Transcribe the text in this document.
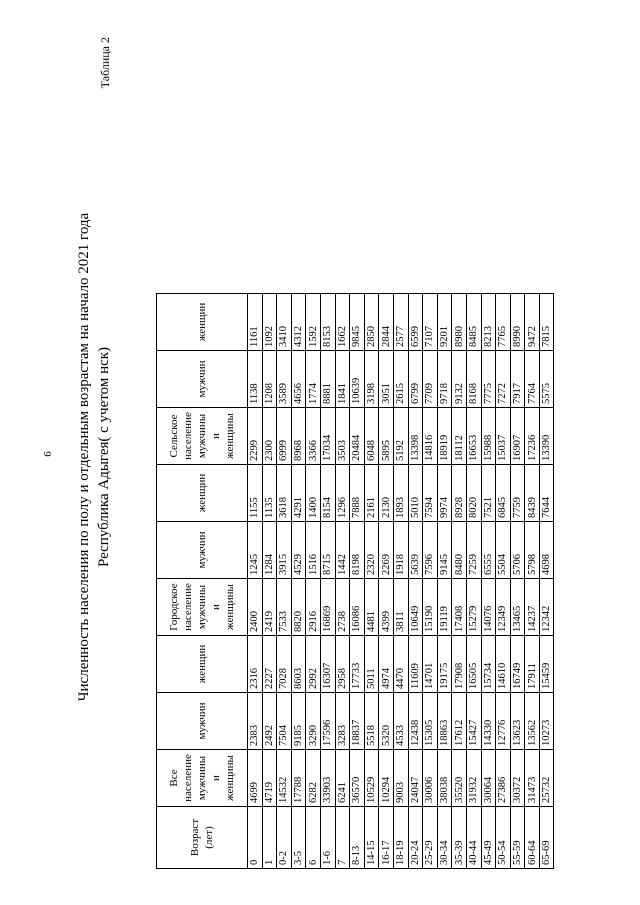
6 Численность населения по полу и отдельным возрастам на начало 2021 года Республика Адыгея( с учетом нск)
Таблица 2
Возраст (лет)	Все население мужчины и женщины	мужчин	женщин	Городское население мужчины и женщины	мужчин	женщин	Сельское население мужчины и женщины	мужчин	женщин
0	4699	2383	2316	2400	1245	1155	2299	1138	1161
1	4719	2492	2227	2419	1284	1135	2300	1208	1092
0-2	14532	7504	7028	7533	3915	3618	6999	3589	3410
3-5	17788	9185	8603	8820	4529	4291	8968	4656	4312
6	6282	3290	2992	2916	1516	1400	3366	1774	1592
1-6	33903	17596	16307	16869	8715	8154	17034	8881	8153
7	6241	3283	2958	2738	1442	1296	3503	1841	1662
8-13	36570	18837	17733	16086	8198	7888	20484	10639	9845
14-15	10529	5518	5011	4481	2320	2161	6048	3198	2850
16-17	10294	5320	4974	4399	2269	2130	5895	3051	2844
18-19	9003	4533	4470	3811	1918	1893	5192	2615	2577
20-24	24047	12438	11609	10649	5639	5010	13398	6799	6599
25-29	30006	15305	14701	15190	7596	7594	14816	7709	7107
30-34	38038	18863	19175	19119	9145	9974	18919	9718	9201
35-39	35520	17612	17908	17408	8480	8928	18112	9132	8980
40-44	31932	15427	16505	15279	7259	8020	16653	8168	8485
45-49	30064	14330	15734	14076	6555	7521	15988	7775	8213
50-54	27386	12776	14610	12349	5504	6845	15037	7272	7765
55-59	30372	13623	16749	13465	5706	7759	16907	7917	8990
60-64	31473	13562	17911	14237	5798	8439	17236	7764	9472
65-69	25732	10273	15459	12342	4698	7644	13390	5575	7815
